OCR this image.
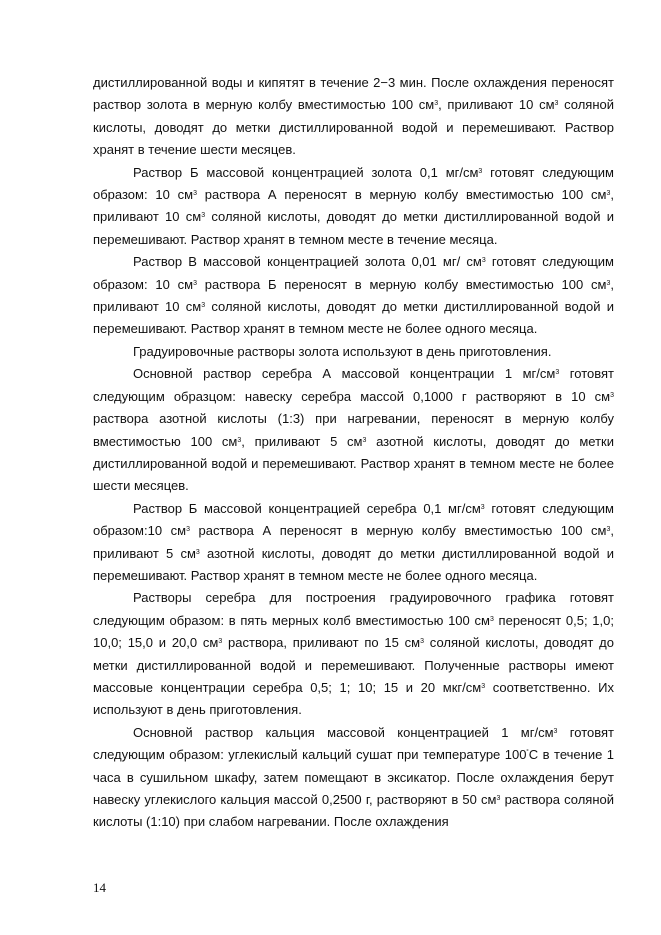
дистиллированной воды и кипятят в течение 2−3 мин. После охлаждения переносят раствор золота в мерную колбу вместимостью 100 $см^3$, приливают 10 $см^3$ соляной кислоты, доводят до метки дистиллированной водой и перемешивают. Раствор хранят в течение шести месяцев.

Раствор Б массовой концентрацией золота 0,1 $мг/см^3$ готовят следующим образом: 10 $см^3$ раствора А переносят в мерную колбу вместимостью 100 $см^3$, приливают 10 $см^3$ соляной кислоты, доводят до метки дистиллированной водой и перемешивают. Раствор хранят в темном месте в течение месяца.

Раствор В массовой концентрацией золота 0,01 мг/ $см^3$ готовят следующим образом: 10 $см^3$ раствора Б переносят в мерную колбу вместимостью 100 $см^3$, приливают 10 $см^3$ соляной кислоты, доводят до метки дистиллированной водой и перемешивают. Раствор хранят в темном месте не более одного месяца.

Градуировочные растворы золота используют в день приготовления.

Основной раствор серебра А массовой концентрации 1 $мг/см^3$ готовят следующим образцом: навеску серебра массой 0,1000 г растворяют в 10 $см^3$ раствора азотной кислоты (1:3) при нагревании, переносят в мерную колбу вместимостью 100 $см^3$, приливают 5 $см^3$ азотной кислоты, доводят до метки дистиллированной водой и перемешивают. Раствор хранят в темном месте не более шести месяцев.

Раствор Б массовой концентрацией серебра 0,1 $мг/см^3$ готовят следующим образом:10 $см^3$ раствора А переносят в мерную колбу вместимостью 100 $см^3$, приливают 5 $см^3$ азотной кислоты, доводят до метки дистиллированной водой и перемешивают. Раствор хранят в темном месте не более одного месяца.

Растворы серебра для построения градуировочного графика готовят следующим образом: в пять мерных колб вместимостью 100 $см^3$ переносят 0,5; 1,0; 10,0; 15,0 и 20,0 $см^3$ раствора, приливают по 15 $см^3$ соляной кислоты, доводят до метки дистиллированной водой и перемешивают. Полученные растворы имеют массовые концентрации серебра 0,5; 1; 10; 15 и 20 мкг/$см^3$ соответственно. Их используют в день приготовления.

Основной раствор кальция массовой концентрацией 1 $мг/см^3$ готовят следующим образом: углекислый кальций сушат при температуре 100˚С в течение 1 часа в сушильном шкафу, затем помещают в эксикатор. После охлаждения берут навеску углекислого кальция массой 0,2500 г, растворяют в 50 $см^3$ раствора соляной кислоты (1:10) при слабом нагревании. После охлаждения

14
